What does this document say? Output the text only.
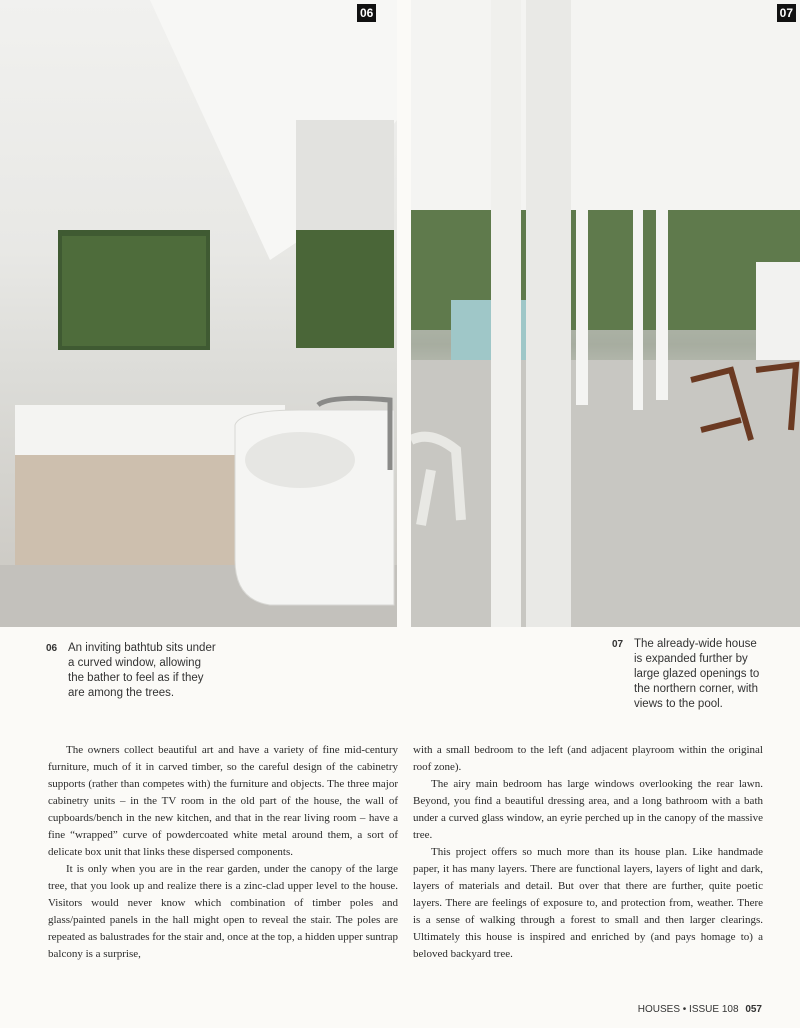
06	07
06 An inviting bathtub sits under a curved window, allowing the bather to feel as if they are among the trees.
07 The already-wide house is expanded further by large glazed openings to the northern corner, with views to the pool.

The owners collect beautiful art and have a variety of fine mid-century furniture, much of it in carved timber, so the careful design of the cabinetry supports (rather than competes with) the furniture and objects. The three major cabinetry units – in the TV room in the old part of the house, the wall of cupboards/bench in the new kitchen, and that in the rear living room – have a fine “wrapped” curve of powdercoated white metal around them, a sort of delicate box unit that links these dispersed components.

It is only when you are in the rear garden, under the canopy of the large tree, that you look up and realize there is a zinc-clad upper level to the house. Visitors would never know which combination of timber poles and glass/painted panels in the hall might open to reveal the stair. The poles are repeated as balustrades for the stair and, once at the top, a hidden upper suntrap balcony is a surprise,

with a small bedroom to the left (and adjacent playroom within the original roof zone).

The airy main bedroom has large windows overlooking the rear lawn. Beyond, you find a beautiful dressing area, and a long bathroom with a bath under a curved glass window, an eyrie perched up in the canopy of the massive tree.

This project offers so much more than its house plan. Like handmade paper, it has many layers. There are functional layers, layers of light and dark, layers of materials and detail. But over that there are further, quite poetic layers. There are feelings of exposure to, and protection from, weather. There is a sense of walking through a forest to small and then larger clearings. Ultimately this house is inspired and enriched by (and pays homage to) a beloved backyard tree.

HOUSES • ISSUE 108 057
